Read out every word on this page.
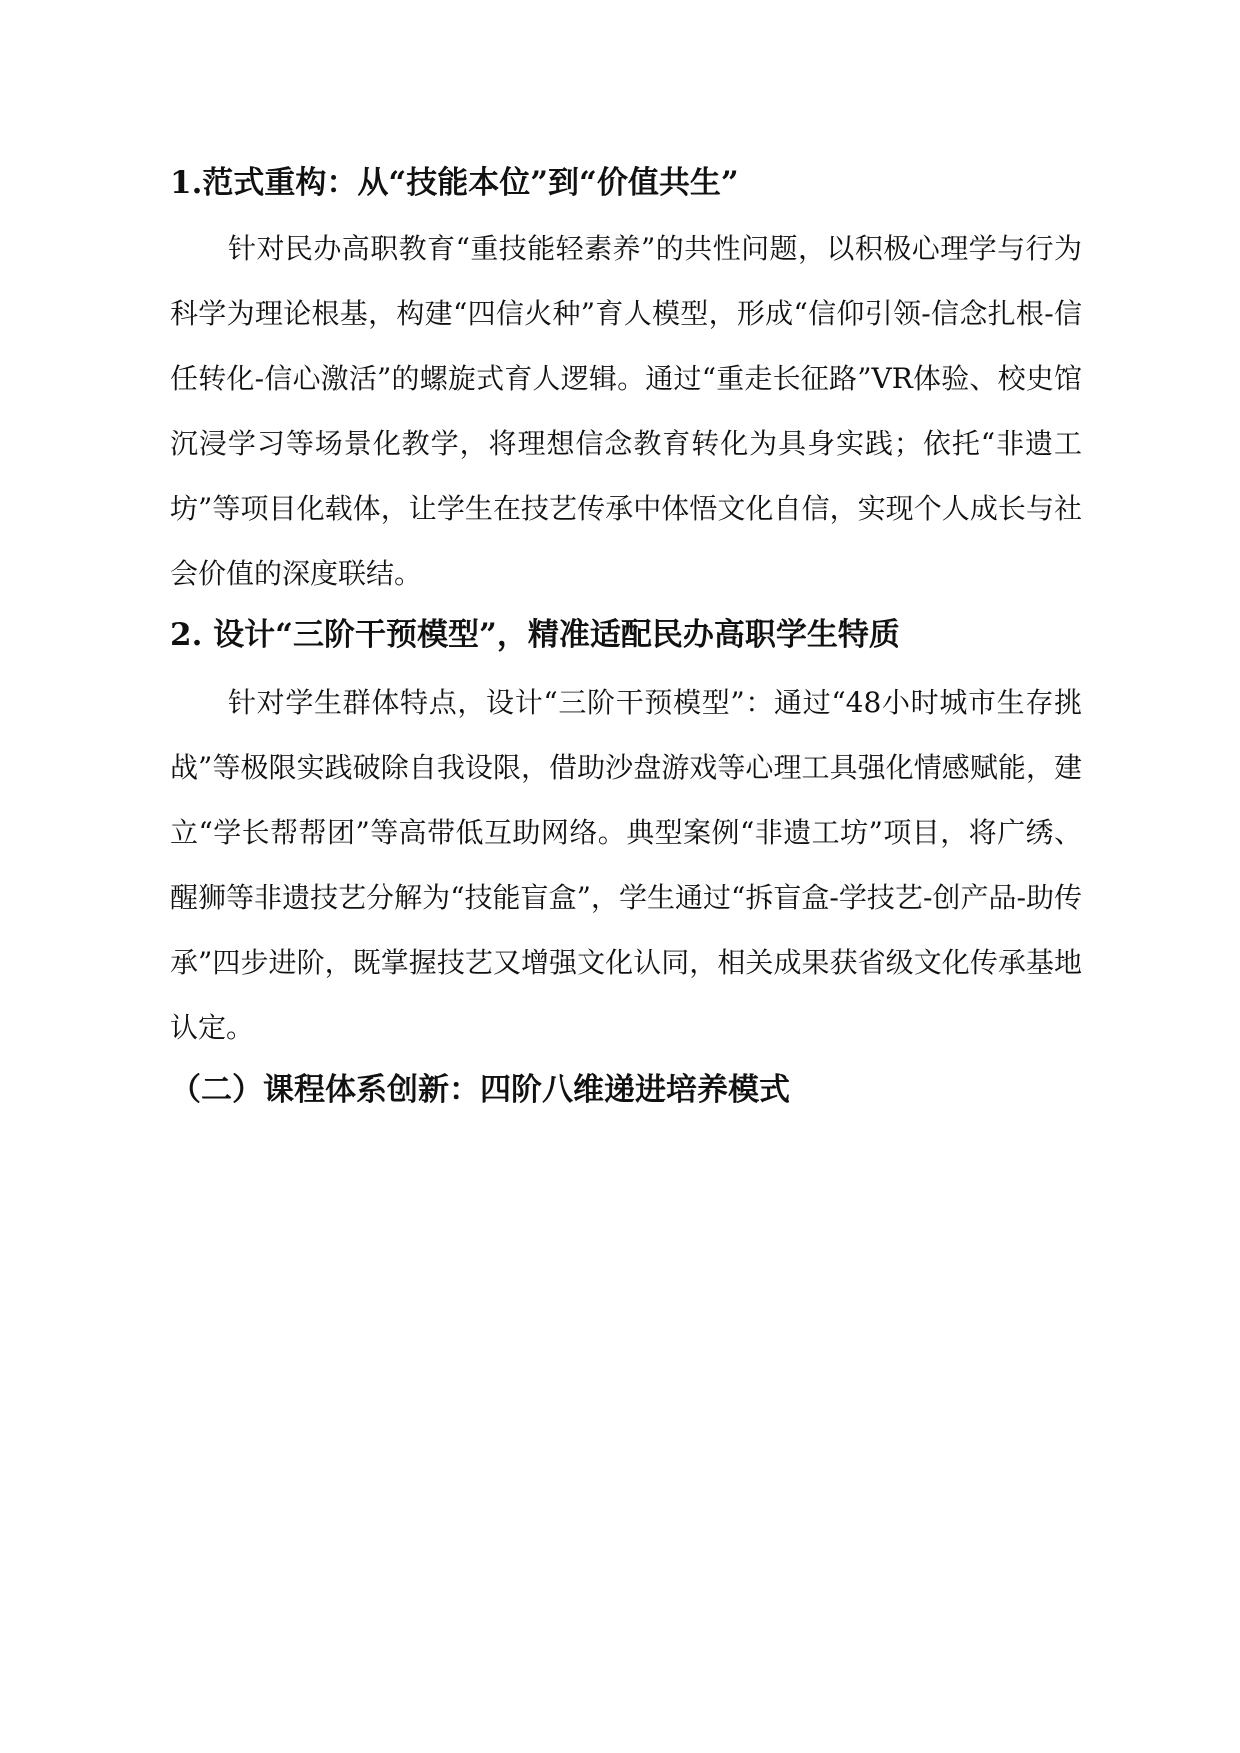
1.范式重构：从“技能本位”到“价值共生”

针对民办高职教育“重技能轻素养”的共性问题，以积极心理学与行为科学为理论根基，构建“四信火种”育人模型，形成“信仰引领-信念扎根-信任转化-信心激活”的螺旋式育人逻辑。通过“重走长征路”VR体验、校史馆沉浸学习等场景化教学，将理想信念教育转化为具身实践；依托“非遗工坊”等项目化载体，让学生在技艺传承中体悟文化自信，实现个人成长与社会价值的深度联结。

2. 设计“三阶干预模型”，精准适配民办高职学生特质

针对学生群体特点，设计“三阶干预模型”：通过“48小时城市生存挑战”等极限实践破除自我设限，借助沙盘游戏等心理工具强化情感赋能，建立“学长帮帮团”等高带低互助网络。典型案例“非遗工坊”项目，将广绣、醒狮等非遗技艺分解为“技能盲盒”，学生通过“拆盲盒-学技艺-创产品-助传承”四步进阶，既掌握技艺又增强文化认同，相关成果获省级文化传承基地认定。

（二）课程体系创新：四阶八维递进培养模式
